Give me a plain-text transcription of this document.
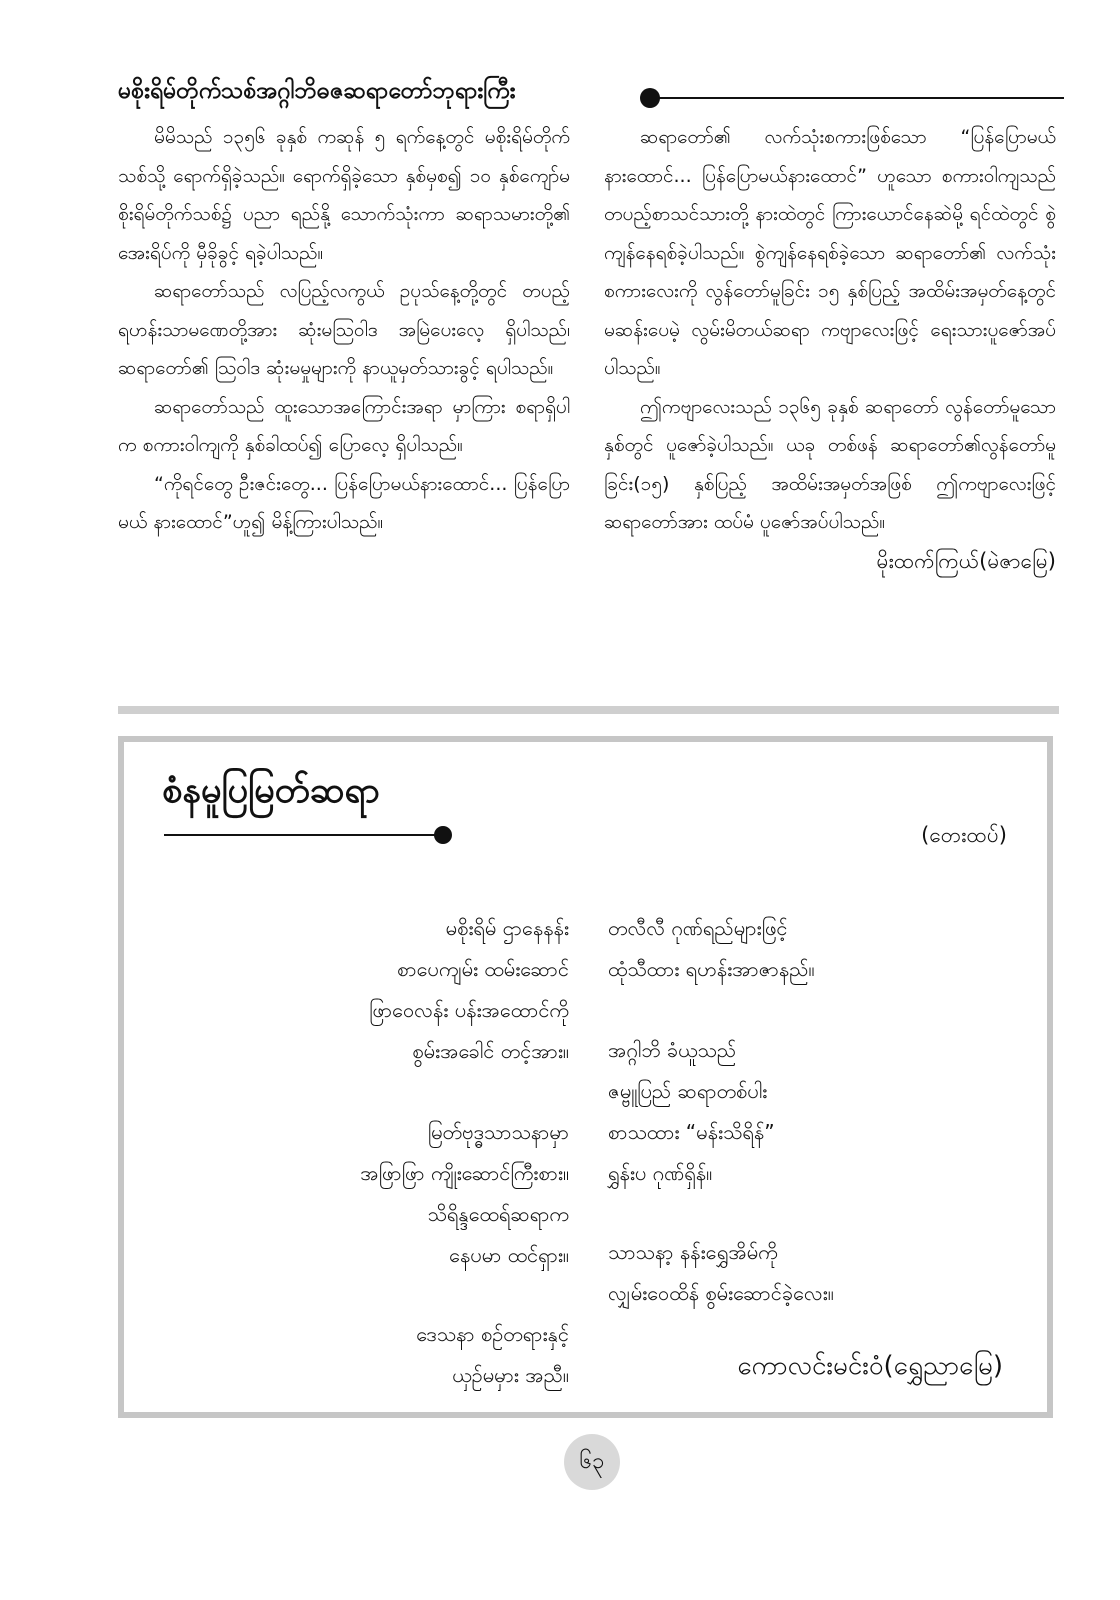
မစိုးရိမ်တိုက်သစ်အဂ္ဂါဘိဓဇဆရာတော်ဘုရားကြီး

မိမိသည် ၁၃၅၆ ခုနှစ် ကဆုန် ၅ ရက်နေ့တွင် မစိုးရိမ်တိုက်သစ်သို့ ရောက်ရှိခဲ့သည်။ ရောက်ရှိခဲ့သော နှစ်မှစ၍ ၁၀ နှစ်ကျော်မစိုးရိမ်တိုက်သစ်၌ ပညာ ရည်နို့ သောက်သုံးကာ ဆရာသမားတို့၏ အေးရိပ်ကို မှီခိုခွင့် ရခဲ့ပါသည်။

ဆရာတော်သည် လပြည့်လကွယ် ဥပုသ်နေ့တို့တွင် တပည့်ရဟန်းသာမဏေတို့အား ဆုံးမဩဝါဒ အမြဲပေးလေ့ ရှိပါသည်၊ ဆရာတော်၏ ဩဝါဒ ဆုံးမမှုများကို နာယူမှတ်သားခွင့် ရပါသည်။

ဆရာတော်သည် ထူးသောအကြောင်းအရာ မှာကြား စရာရှိပါက စကားဝါကျကို နှစ်ခါထပ်၍ ပြောလေ့ ရှိပါသည်။

“ကိုရင်တွေ ဦးဇင်းတွေ... ပြန်ပြောမယ်နားထောင်... ပြန်ပြောမယ် နားထောင်”ဟူ၍ မိန့်ကြားပါသည်။

ဆရာတော်၏ လက်သုံးစကားဖြစ်သော “ပြန်ပြောမယ် နားထောင်... ပြန်ပြောမယ်နားထောင်” ဟူသော စကားဝါကျသည် တပည့်စာသင်သားတို့ နားထဲတွင် ကြားယောင်နေဆဲမို့ ရင်ထဲတွင် စွဲကျန်နေရစ်ခဲ့ပါသည်။ စွဲကျန်နေရစ်ခဲ့သော ဆရာတော်၏ လက်သုံး စကားလေးကို လွန်တော်မူခြင်း ၁၅ နှစ်ပြည့် အထိမ်းအမှတ်နေ့တွင် မဆန်းပေမဲ့ လွမ်းမိတယ်ဆရာ ကဗျာလေးဖြင့် ရေးသားပူဇော်အပ်ပါသည်။

ဤကဗျာလေးသည် ၁၃၆၅ ခုနှစ် ဆရာတော် လွန်တော်မူသော နှစ်တွင် ပူဇော်ခဲ့ပါသည်။ ယခု တစ်ဖန် ဆရာတော်၏လွန်တော်မူခြင်း(၁၅) နှစ်ပြည့် အထိမ်းအမှတ်အဖြစ် ဤကဗျာလေးဖြင့် ဆရာတော်အား ထပ်မံ ပူဇော်အပ်ပါသည်။

မိုးထက်ကြယ်(မဲဇာမြေ)
စံနမူပြမြတ်ဆရာ
(တေးထပ်)
မစိုးရိမ် ဌာနေနန်း
စာပေကျမ်း ထမ်းဆောင်
ဖြာဝေလန်း ပန်းအထောင်ကို
စွမ်းအခေါင် တင့်အား။
တလီလီ ဂုဏ်ရည်များဖြင့်
ထုံသီထား ရဟန်းအာဇာနည်။
မြတ်ဗုဒ္ဓသာသနာမှာ
အဖြာဖြာ ကျိုးဆောင်ကြီးစား။
သိရိန္ဒထေရ်ဆရာက
နေပမာ ထင်ရှား။
အဂ္ဂါဘိ ခံယူသည်
ဇမ္ဗူပြည် ဆရာတစ်ပါး
စာသထား “မန်းသိရိန်”
ရွှန်းပ ဂုဏ်ရှိန်။
ဒေသနာ စဉ်တရားနှင့်
ယှဉ်မမှား အညီ။
သာသနာ့ နန်းရွှေအိမ်ကို
လျှမ်းဝေထိန် စွမ်းဆောင်ခဲ့လေး။
ကောလင်းမင်းဝံ(ရွှေညာမြေ)
၆၃
